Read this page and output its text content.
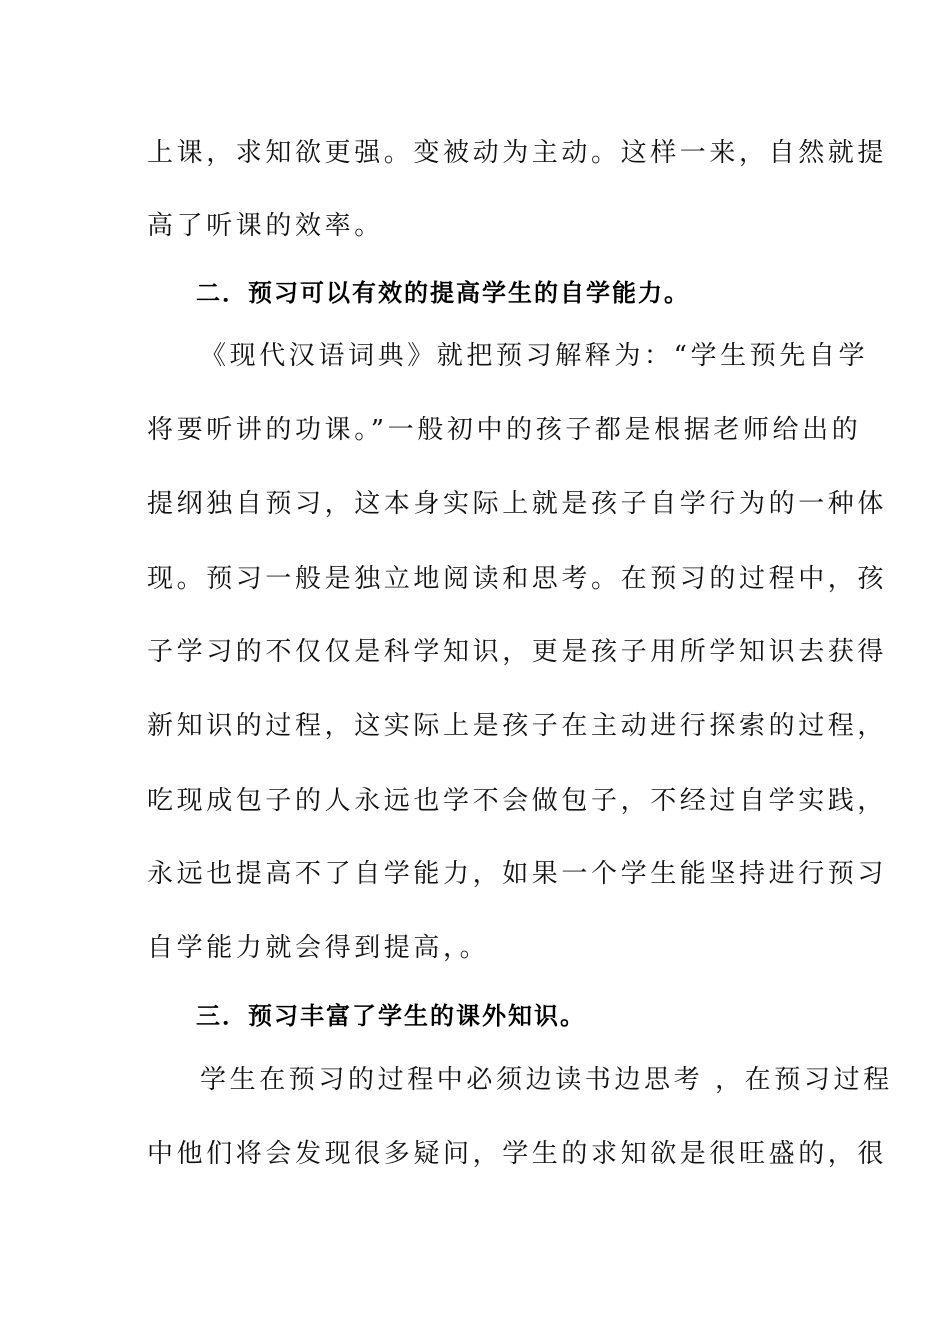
上课，求知欲更强。变被动为主动。这样一来，自然就提
高了听课的效率。
二．预习可以有效的提高学生的自学能力。
《现代汉语词典》就把预习解释为：“学生预先自学
将要听讲的功课。”一般初中的孩子都是根据老师给出的
提纲独自预习，这本身实际上就是孩子自学行为的一种体
现。预习一般是独立地阅读和思考。在预习的过程中，孩
子学习的不仅仅是科学知识，更是孩子用所学知识去获得
新知识的过程，这实际上是孩子在主动进行探索的过程，
吃现成包子的人永远也学不会做包子，不经过自学实践，
永远也提高不了自学能力，如果一个学生能坚持进行预习
自学能力就会得到提高，。
三．预习丰富了学生的课外知识。
学生在预习的过程中必须边读书边思考 ，在预习过程
中他们将会发现很多疑问，学生的求知欲是很旺盛的，很
